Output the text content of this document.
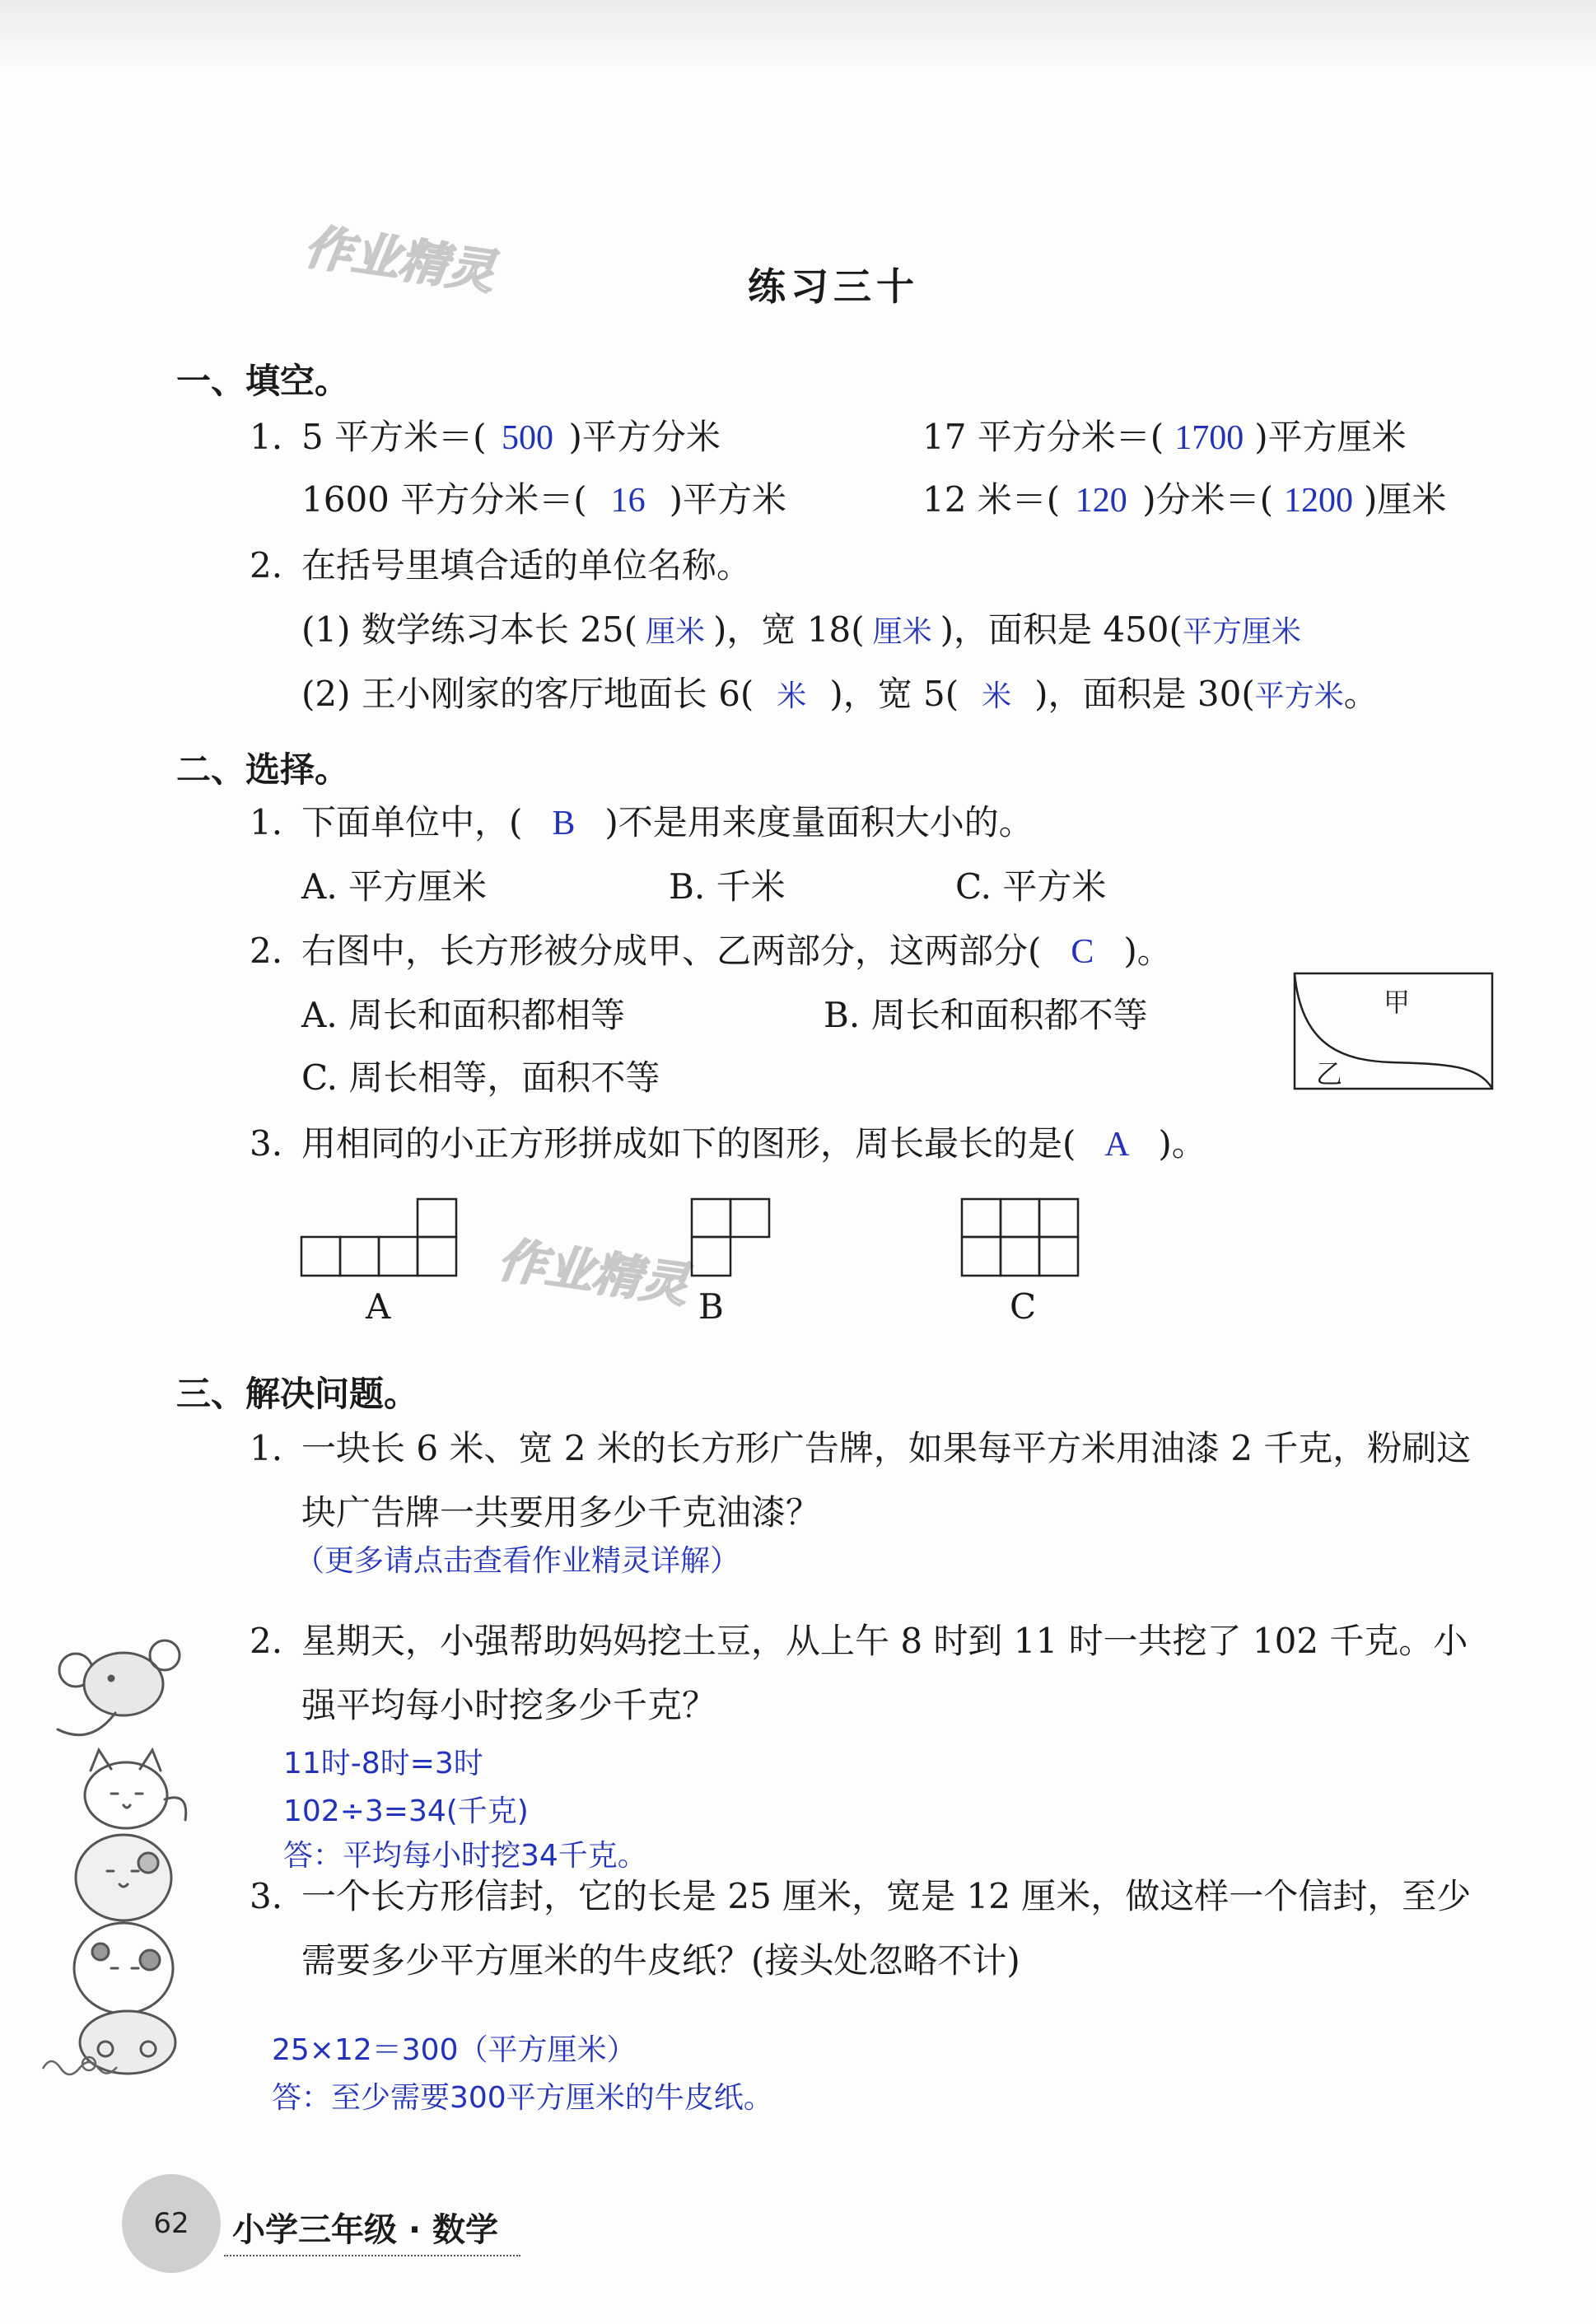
作业精灵
作业精灵
练习三十
一、填空。
1. 5 平方米＝( 500 )平方分米	17 平方分米＝( 1700 )平方厘米
1600 平方分米＝( 16 )平方米	12 米＝( 120 )分米＝( 1200 )厘米
2. 在括号里填合适的单位名称。
(1) 数学练习本长 25( 厘米 )，宽 18( 厘米 )，面积是 450(平方厘米
(2) 王小刚家的客厅地面长 6( 米 )，宽 5( 米 )，面积是 30(平方米。
二、选择。
1. 下面单位中，( B )不是用来度量面积大小的。
A. 平方厘米	B. 千米	C. 平方米
2. 右图中，长方形被分成甲、乙两部分，这两部分( C )。
A. 周长和面积都相等	B. 周长和面积都不等
C. 周长相等，面积不等
甲
乙
3. 用相同的小正方形拼成如下的图形，周长最长的是( A )。
A	B	C
三、解决问题。
1. 一块长 6 米、宽 2 米的长方形广告牌，如果每平方米用油漆 2 千克，粉刷这
块广告牌一共要用多少千克油漆？
（更多请点击查看作业精灵详解）
2. 星期天，小强帮助妈妈挖土豆，从上午 8 时到 11 时一共挖了 102 千克。小
强平均每小时挖多少千克？
11时-8时=3时
102÷3=34(千克)
答：平均每小时挖34千克。
3. 一个长方形信封，它的长是 25 厘米，宽是 12 厘米，做这样一个信封，至少
需要多少平方厘米的牛皮纸？(接头处忽略不计)
25×12＝300（平方厘米）
答：至少需要300平方厘米的牛皮纸。
62 小学三年级 · 数学
